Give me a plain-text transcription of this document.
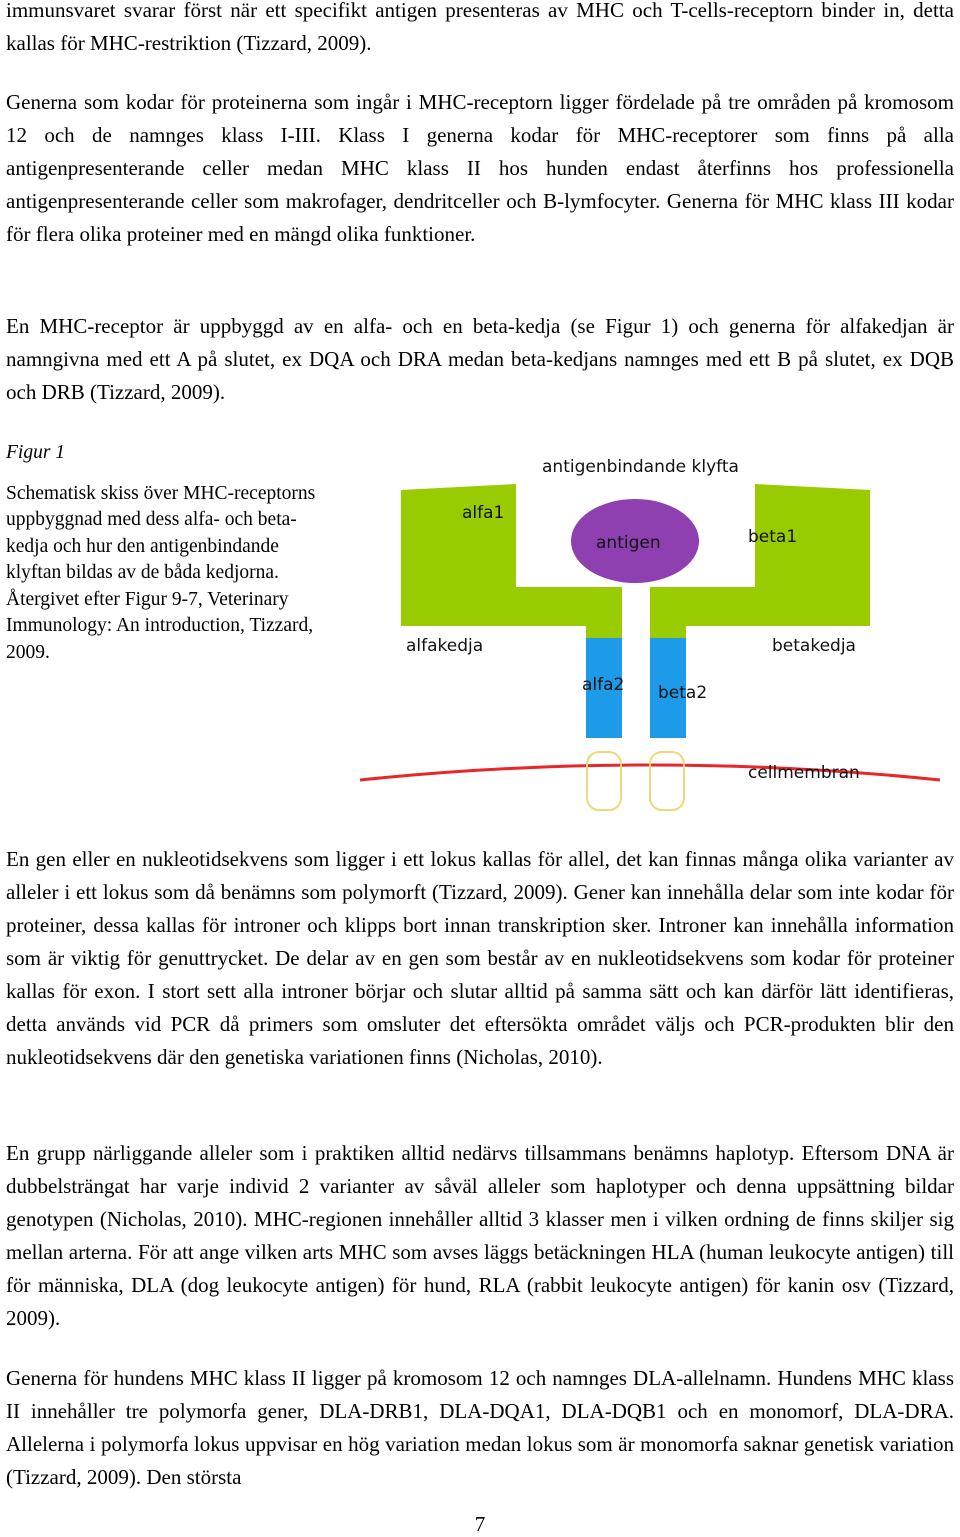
immunsvaret svarar först när ett specifikt antigen presenteras av MHC och T-cells-receptorn binder in, detta kallas för MHC-restriktion (Tizzard, 2009).

Generna som kodar för proteinerna som ingår i MHC-receptorn ligger fördelade på tre områden på kromosom 12 och de namnges klass I-III. Klass I generna kodar för MHC-receptorer som finns på alla antigenpresenterande celler medan MHC klass II hos hunden endast återfinns hos professionella antigenpresenterande celler som makrofager, dendritceller och B-lymfocyter. Generna för MHC klass III kodar för flera olika proteiner med en mängd olika funktioner.

En MHC-receptor är uppbyggd av en alfa- och en beta-kedja (se Figur 1) och generna för alfakedjan är namngivna med ett A på slutet, ex DQA och DRA medan beta-kedjans namnges med ett B på slutet, ex DQB och DRB (Tizzard, 2009).

Figur 1

Schematisk skiss över MHC-receptorns uppbyggnad med dess alfa- och beta-kedja och hur den antigenbindande klyftan bildas av de båda kedjorna.

Återgivet efter Figur 9-7, Veterinary Immunology: An introduction, Tizzard, 2009.

antigenbindande klyfta
alfa1
antigen	beta1
alfakedja	betakedja
alfa2 beta2
cellmembran

En gen eller en nukleotidsekvens som ligger i ett lokus kallas för allel, det kan finnas många olika varianter av alleler i ett lokus som då benämns som polymorft (Tizzard, 2009). Gener kan innehålla delar som inte kodar för proteiner, dessa kallas för introner och klipps bort innan transkription sker. Introner kan innehålla information som är viktig för genuttrycket. De delar av en gen som består av en nukleotidsekvens som kodar för proteiner kallas för exon. I stort sett alla introner börjar och slutar alltid på samma sätt och kan därför lätt identifieras, detta används vid PCR då primers som omsluter det eftersökta området väljs och PCR-produkten blir den nukleotidsekvens där den genetiska variationen finns (Nicholas, 2010).

En grupp närliggande alleler som i praktiken alltid nedärvs tillsammans benämns haplotyp. Eftersom DNA är dubbelsträngat har varje individ 2 varianter av såväl alleler som haplotyper och denna uppsättning bildar genotypen (Nicholas, 2010). MHC-regionen innehåller alltid 3 klasser men i vilken ordning de finns skiljer sig mellan arterna. För att ange vilken arts MHC som avses läggs betäckningen HLA (human leukocyte antigen) till för människa, DLA (dog leukocyte antigen) för hund, RLA (rabbit leukocyte antigen) för kanin osv (Tizzard, 2009).

Generna för hundens MHC klass II ligger på kromosom 12 och namnges DLA-allelnamn. Hundens MHC klass II innehåller tre polymorfa gener, DLA-DRB1, DLA-DQA1, DLA-DQB1 och en monomorf, DLA-DRA. Allelerna i polymorfa lokus uppvisar en hög variation medan lokus som är monomorfa saknar genetisk variation (Tizzard, 2009). Den största

7
